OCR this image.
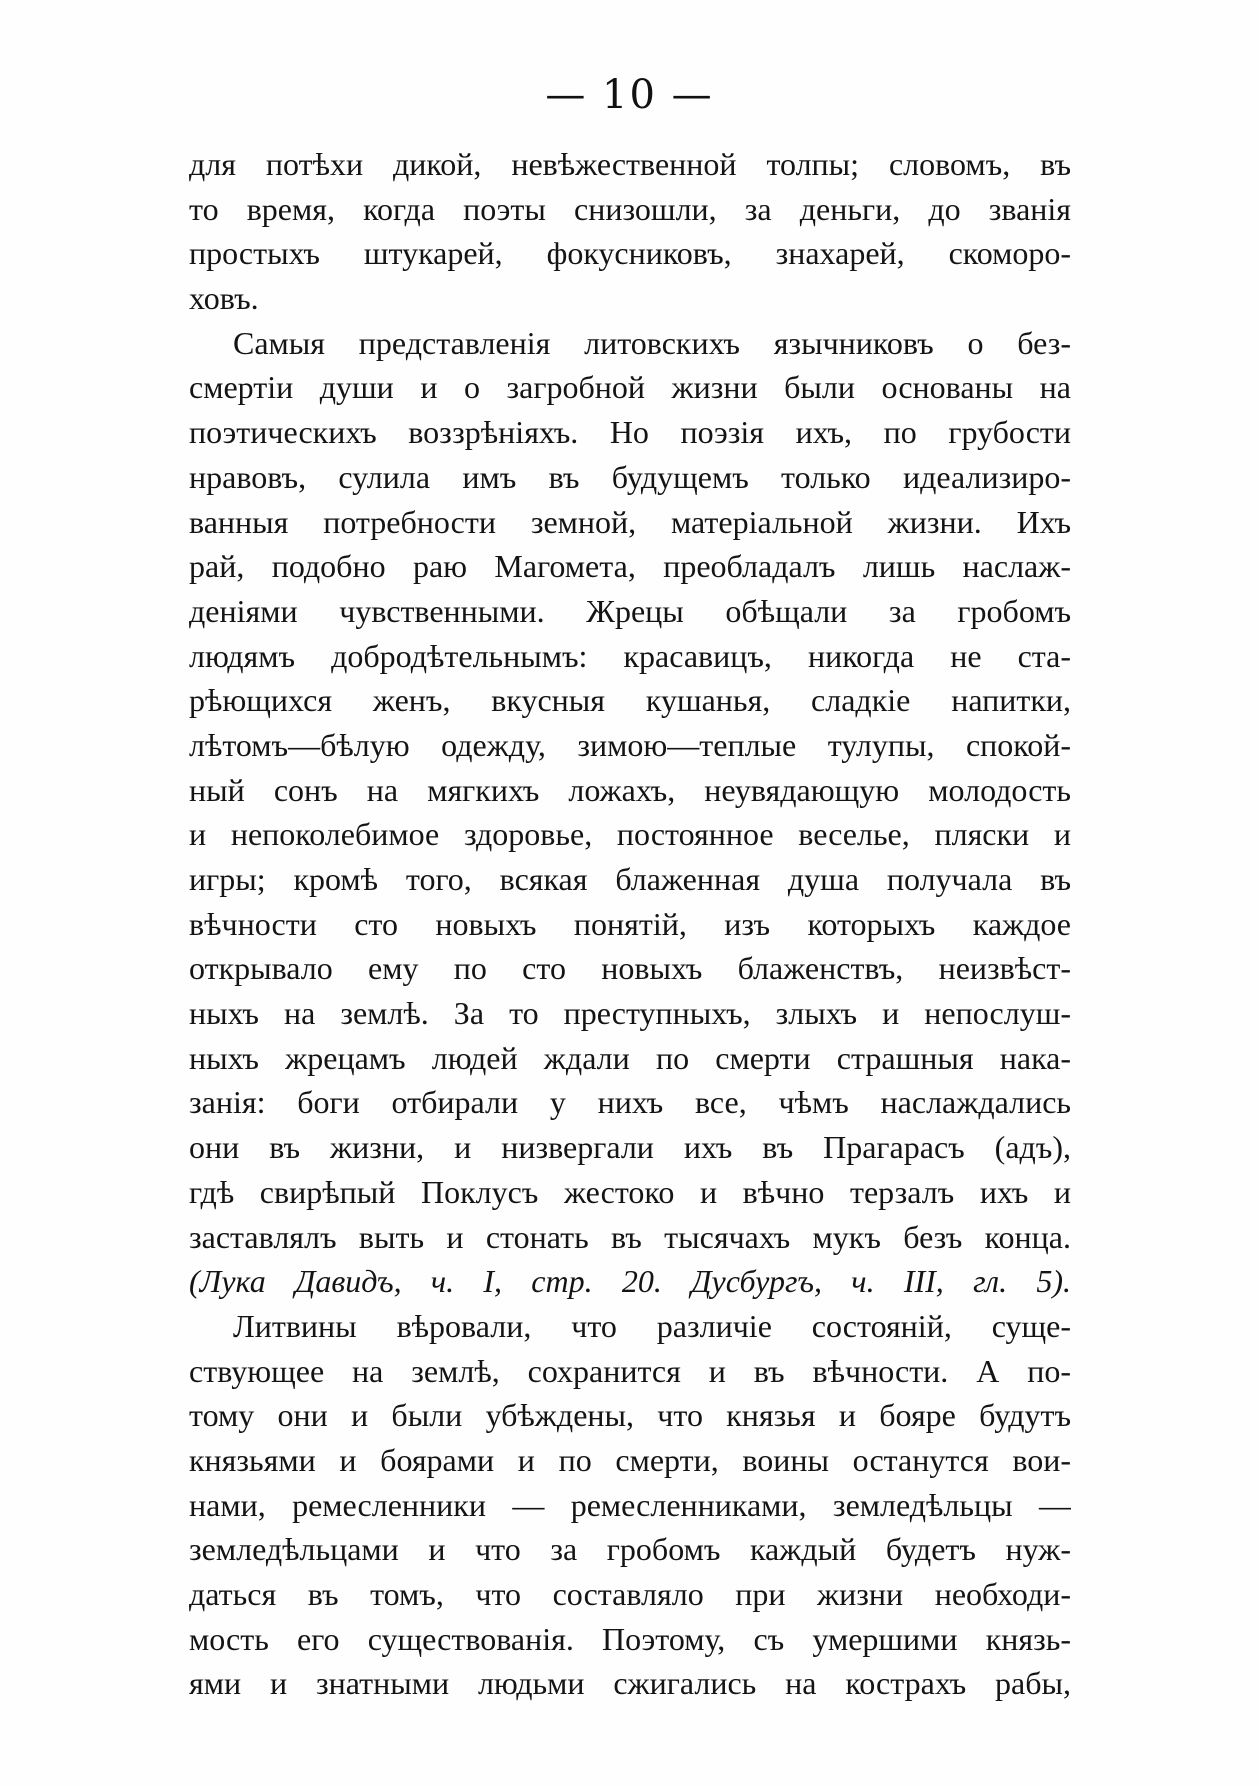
— 10 —
для потѣхи дикой, невѣжественной толпы; словомъ, въ
то время, когда поэты снизошли, за деньги, до званія
простыхъ штукарей, фокусниковъ, знахарей, скоморо-
ховъ.
Самыя представленія литовскихъ язычниковъ о без-
смертіи души и о загробной жизни были основаны на
поэтическихъ воззрѣніяхъ. Но поэзія ихъ, по грубости
нравовъ, сулила имъ въ будущемъ только идеализиро-
ванныя потребности земной, матеріальной жизни. Ихъ
рай, подобно раю Магомета, преобладалъ лишь наслаж-
деніями чувственными. Жрецы обѣщали за гробомъ
людямъ добродѣтельнымъ: красавицъ, никогда не ста-
рѣющихся женъ, вкусныя кушанья, сладкіе напитки,
лѣтомъ—бѣлую одежду, зимою—теплые тулупы, спокой-
ный сонъ на мягкихъ ложахъ, неувядающую молодость
и непоколебимое здоровье, постоянное веселье, пляски и
игры; кромѣ того, всякая блаженная душа получала въ
вѣчности сто новыхъ понятій, изъ которыхъ каждое
открывало ему по сто новыхъ блаженствъ, неизвѣст-
ныхъ на землѣ. За то преступныхъ, злыхъ и непослуш-
ныхъ жрецамъ людей ждали по смерти страшныя нака-
занія: боги отбирали у нихъ все, чѣмъ наслаждались
они въ жизни, и низвергали ихъ въ Прагарасъ (адъ),
гдѣ свирѣпый Поклусъ жестоко и вѣчно терзалъ ихъ и
заставлялъ выть и стонать въ тысячахъ мукъ безъ конца.
(Лука Давидъ, ч. I, стр. 20. Дусбургъ, ч. III, гл. 5).
Литвины вѣровали, что различіе состояній, суще-
ствующее на землѣ, сохранится и въ вѣчности. А по-
тому они и были убѣждены, что князья и бояре будутъ
князьями и боярами и по смерти, воины останутся вои-
нами, ремесленники — ремесленниками, земледѣльцы —
земледѣльцами и что за гробомъ каждый будетъ нуж-
даться въ томъ, что составляло при жизни необходи-
мость его существованія. Поэтому, съ умершими князь-
ями и знатными людьми сжигались на кострахъ рабы,
